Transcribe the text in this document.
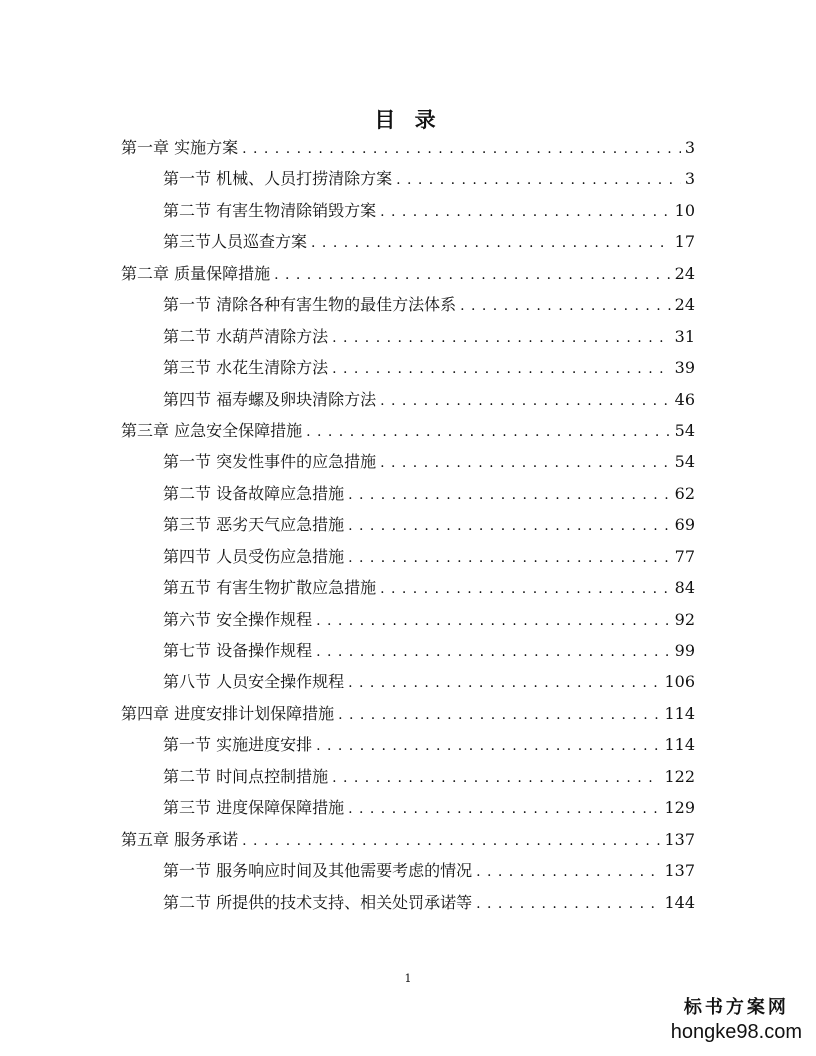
目 录
第一章 实施方案 . . .	3
第一节 机械、人员打捞清除方案 . . .	3
第二节 有害生物清除销毁方案 . . .	10
第三节人员巡查方案 . . .	17
第二章 质量保障措施 . . .	24
第一节 清除各种有害生物的最佳方法体系 . . .	24
第二节 水葫芦清除方法 . . .	31
第三节 水花生清除方法 . . .	39
第四节 福寿螺及卵块清除方法 . . .	46
第三章 应急安全保障措施 . . .	54
第一节 突发性事件的应急措施 . . .	54
第二节 设备故障应急措施 . . .	62
第三节 恶劣天气应急措施 . . .	69
第四节 人员受伤应急措施 . . .	77
第五节 有害生物扩散应急措施 . . .	84
第六节 安全操作规程 . . .	92
第七节 设备操作规程 . . .	99
第八节 人员安全操作规程 . . .	106
第四章 进度安排计划保障措施 . . .	114
第一节 实施进度安排 . . .	114
第二节 时间点控制措施 . . .	122
第三节 进度保障保障措施 . . .	129
第五章 服务承诺 . . .	137
第一节 服务响应时间及其他需要考虑的情况 . . .	137
第二节 所提供的技术支持、相关处罚承诺等 . . .	144
1
标书方案网
hongke98.com
